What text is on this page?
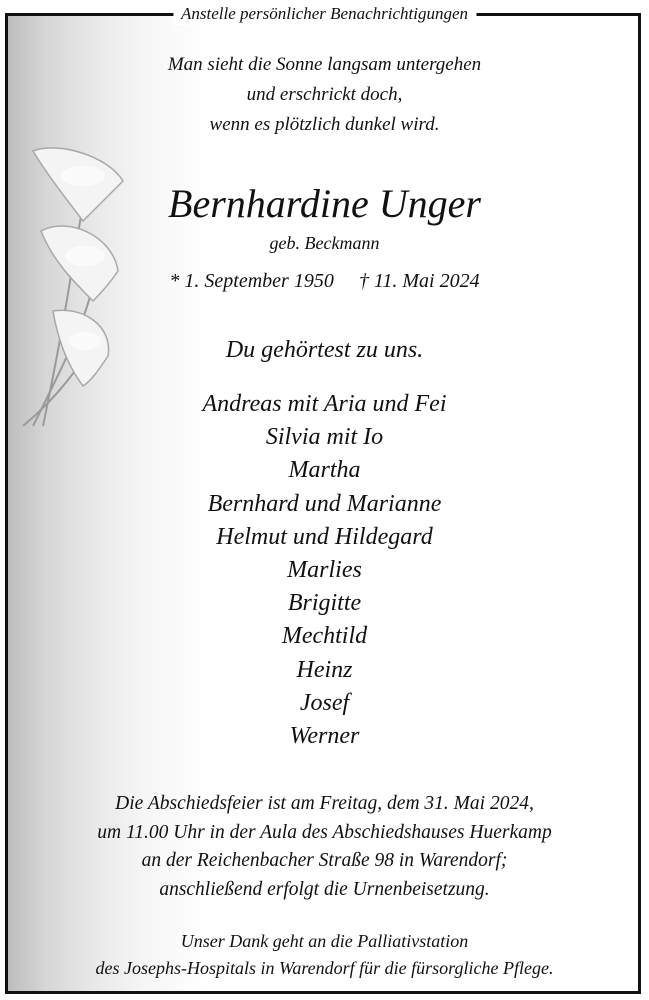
Anstelle persönlicher Benachrichtigungen
Man sieht die Sonne langsam untergehen
und erschrickt doch,
wenn es plötzlich dunkel wird.
Bernhardine Unger
geb. Beckmann
* 1. September 1950 † 11. Mai 2024
Du gehörtest zu uns.
Andreas mit Aria und Fei
Silvia mit Io
Martha
Bernhard und Marianne
Helmut und Hildegard
Marlies
Brigitte
Mechtild
Heinz
Josef
Werner
Die Abschiedsfeier ist am Freitag, dem 31. Mai 2024,
um 11.00 Uhr in der Aula des Abschiedshauses Huerkamp
an der Reichenbacher Straße 98 in Warendorf;
anschließend erfolgt die Urnenbeisetzung.
Unser Dank geht an die Palliativstation
des Josephs-Hospitals in Warendorf für die fürsorgliche Pflege.
